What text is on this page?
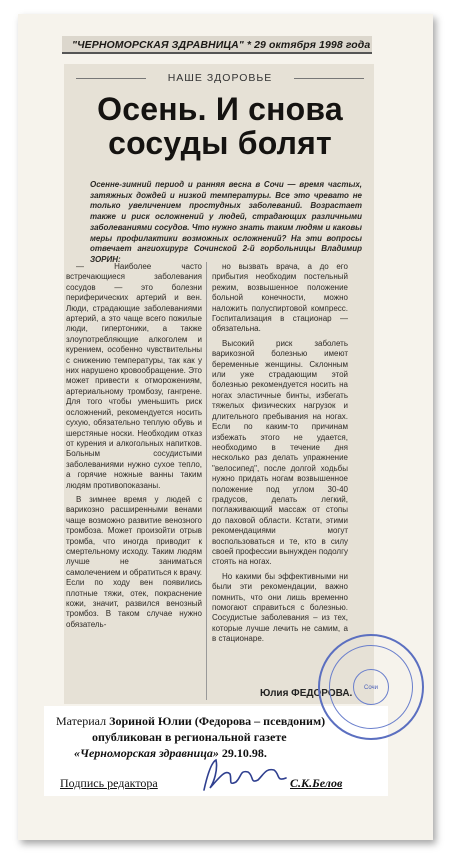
"ЧЕРНОМОРСКАЯ ЗДРАВНИЦА" * 29 октября 1998 года
НАШЕ ЗДОРОВЬЕ
Осень. И снова
сосуды болят
Осенне-зимний период и ранняя весна в Сочи — время частых, затяжных дождей и низкой температуры. Все это чревато не только увеличением простудных заболеваний. Возрастает также и риск осложнений у людей, страдающих различными заболеваниями сосудов. Что нужно знать таким людям и каковы меры профилактики возможных осложнений? На эти вопросы отвечает ангиохирург Сочинской 2-й горбольницы Владимир ЗОРИН:

— Наиболее часто встречающиеся заболевания сосудов — это болезни периферических артерий и вен. Люди, страдающие заболеваниями артерий, а это чаще всего пожилые люди, гипертоники, а также злоупотребляющие алкоголем и курением, особенно чувствительны с снижению температуры, так как у них нарушено кровообращение. Это может привести к отморожениям, артериальному тромбозу, гангрене. Для того чтобы уменьшить риск осложнений, рекомендуется носить сухую, обязательно теплую обувь и шерстяные носки. Необходим отказ от курения и алкогольных напитков. Больным сосудистыми заболеваниями нужно сухое тепло, а горячие ножные ванны таким людям противопоказаны.

В зимнее время у людей с варикозно расширенными венами чаще возможно развитие венозного тромбоза. Может произойти отрыв тромба, что иногда приводит к смертельному исходу. Таким людям лучше не заниматься самолечением и обратиться к врачу. Если по ходу вен появились плотные тяжи, отек, покраснение кожи, значит, развился венозный тромбоз. В таком случае нужно обязатель-

но вызвать врача, а до его прибытия необходим постельный режим, возвышенное положение больной конечности, можно наложить полуспиртовой компресс. Госпитализация в стационар — обязательна.

Высокий риск заболеть варикозной болезнью имеют беременные женщины. Склонным или уже страдающим этой болезнью рекомендуется носить на ногах эластичные бинты, избегать тяжелых физических нагрузок и длительного пребывания на ногах. Если по каким-то причинам избежать этого не удается, необходимо в течение дня несколько раз делать упражнение "велосипед", после долгой ходьбы нужно придать ногам возвышенное положение под углом 30-40 градусов, делать легкий, поглаживающий массаж от стопы до паховой области. Кстати, этими рекомендациями могут воспользоваться и те, кто в силу своей профессии вынужден подолгу стоять на ногах.

Но какими бы эффективными ни были эти рекомендации, важно помнить, что они лишь временно помогают справиться с болезнью. Сосудистые заболевания – из тех, которые лучше лечить не самим, а в стационаре.

Юлия ФЕДОРОВА.	Сочи
Материал Зориной Юлии (Федорова – псевдоним)
опубликован в региональной газете
«Черноморская здравница» 29.10.98.
Подпись редактора	С.К.Белов
